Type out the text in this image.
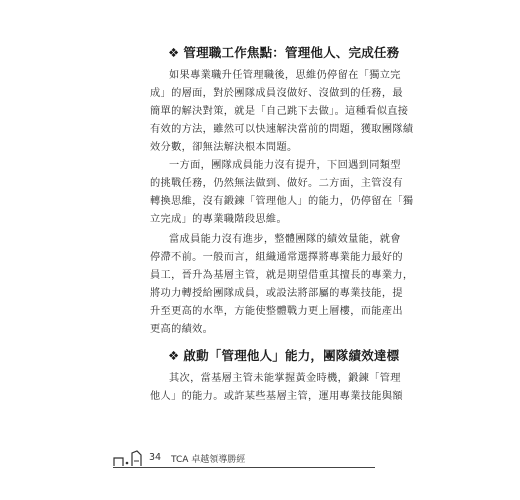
❖ 管理職工作焦點：管理他人、完成任務
如果專業職升任管理職後，思維仍停留在「獨立完
成」的層面，對於團隊成員沒做好、沒做到的任務，最
簡單的解決對策，就是「自己跳下去做」。這種看似直接
有效的方法，雖然可以快速解決當前的問題，獲取團隊績
效分數，卻無法解決根本問題。
一方面，團隊成員能力沒有提升，下回遇到同類型
的挑戰任務，仍然無法做到、做好。二方面，主管沒有
轉換思維，沒有鍛鍊「管理他人」的能力，仍停留在「獨
立完成」的專業職階段思維。
當成員能力沒有進步，整體團隊的績效量能，就會
停滯不前。一般而言，組織通常選擇將專業能力最好的
員工，晉升為基層主管，就是期望借重其擅長的專業力，
將功力轉授給團隊成員，或設法將部屬的專業技能，提
升至更高的水準，方能使整體戰力更上層樓，而能產出
更高的績效。
❖ 啟動「管理他人」能力，團隊績效達標
其次，當基層主管未能掌握黃金時機，鍛鍊「管理
他人」的能力。或許某些基層主管，運用專業技能與額
34 TCA 卓越領導勝經
